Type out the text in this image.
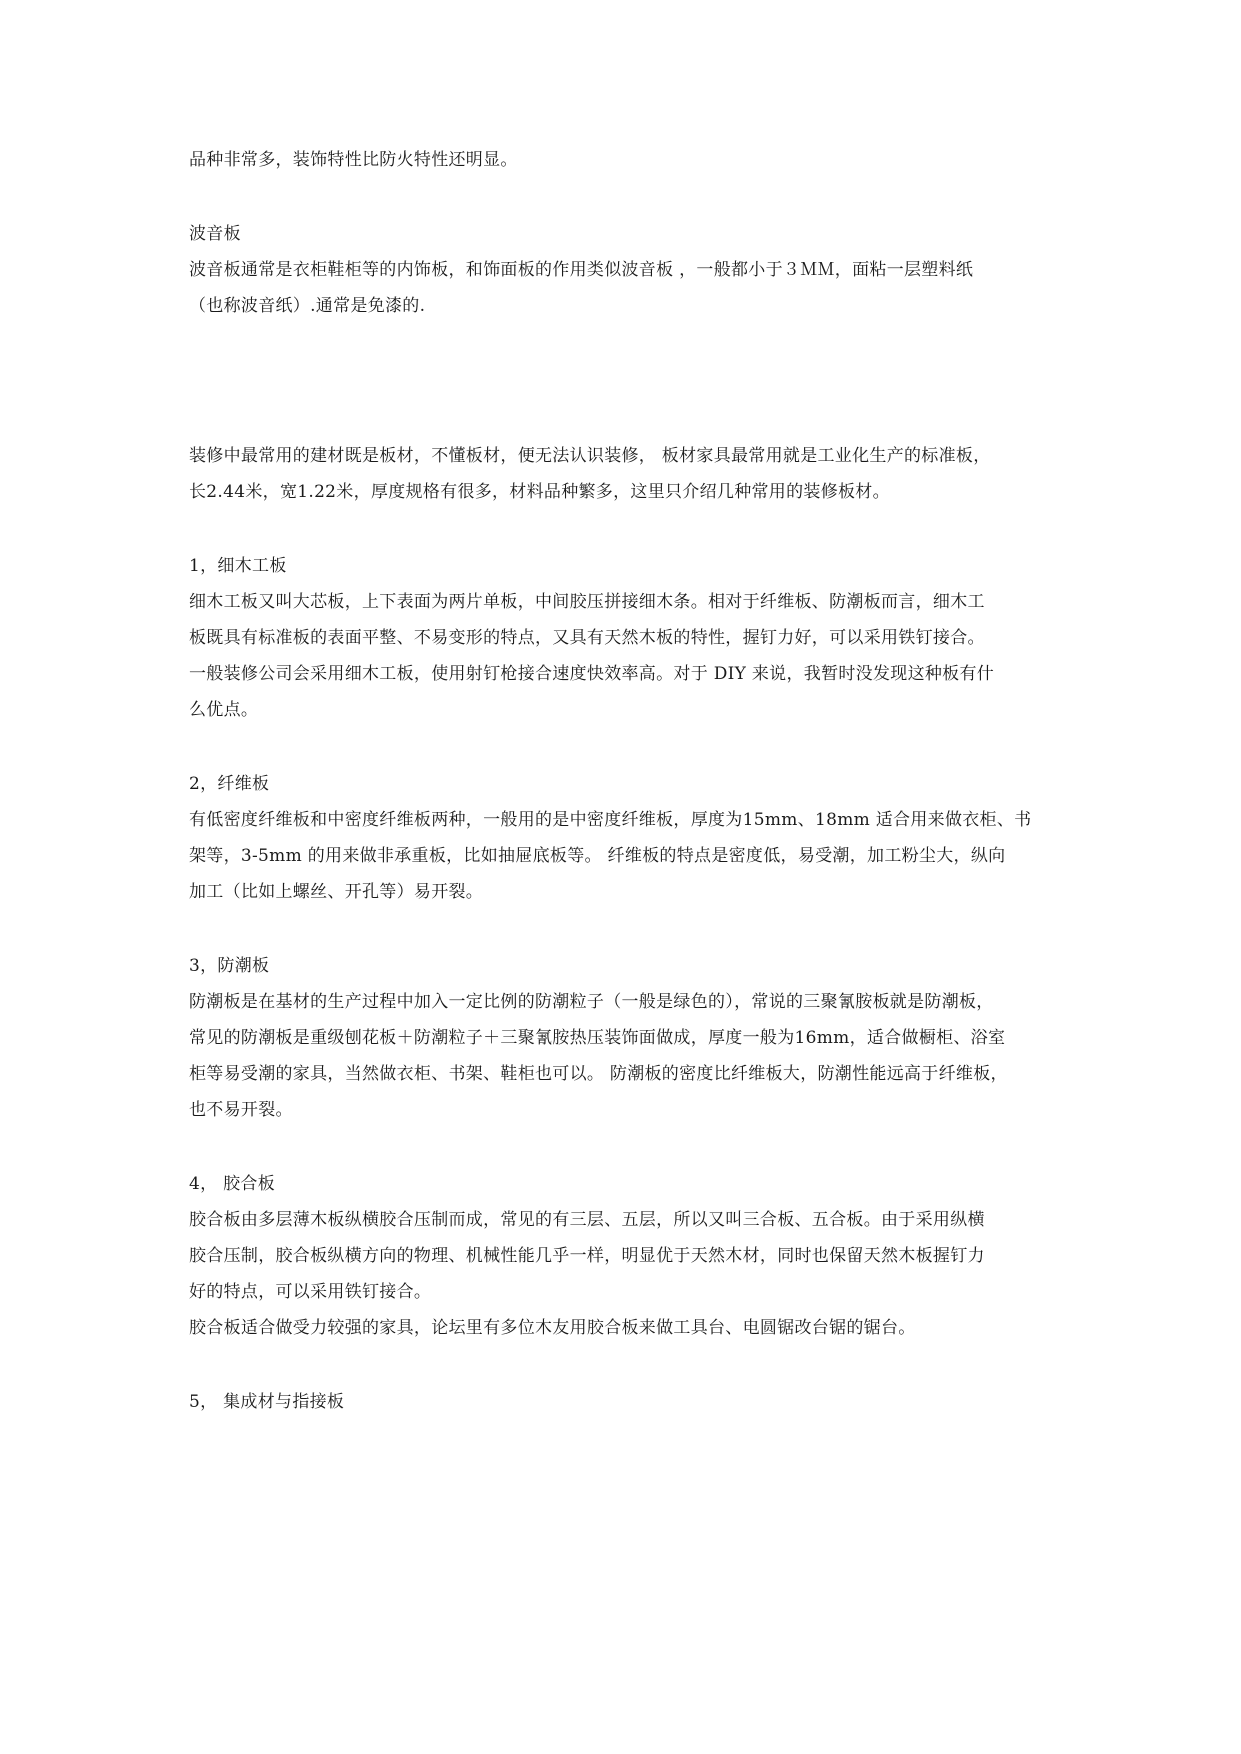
品种非常多，装饰特性比防火特性还明显。
波音板
波音板通常是衣柜鞋柜等的内饰板，和饰面板的作用类似波音板 ，一般都小于３ＭＭ，面粘一层塑料纸
（也称波音纸）.通常是免漆的.
装修中最常用的建材既是板材，不懂板材，便无法认识装修， 板材家具最常用就是工业化生产的标准板，
长2.44米，宽1.22米，厚度规格有很多，材料品种繁多，这里只介绍几种常用的装修板材。
1，细木工板
细木工板又叫大芯板，上下表面为两片单板，中间胶压拼接细木条。相对于纤维板、防潮板而言，细木工
板既具有标准板的表面平整、不易变形的特点，又具有天然木板的特性，握钉力好，可以采用铁钉接合。
一般装修公司会采用细木工板，使用射钉枪接合速度快效率高。对于 DIY 来说，我暂时没发现这种板有什
么优点。
2，纤维板
有低密度纤维板和中密度纤维板两种，一般用的是中密度纤维板，厚度为15mm、18mm 适合用来做衣柜、书
架等，3-5mm 的用来做非承重板，比如抽屉底板等。 纤维板的特点是密度低，易受潮，加工粉尘大，纵向
加工（比如上螺丝、开孔等）易开裂。
3，防潮板
防潮板是在基材的生产过程中加入一定比例的防潮粒子（一般是绿色的），常说的三聚氰胺板就是防潮板，
常见的防潮板是重级刨花板＋防潮粒子＋三聚氰胺热压装饰面做成，厚度一般为16mm，适合做橱柜、浴室
柜等易受潮的家具，当然做衣柜、书架、鞋柜也可以。 防潮板的密度比纤维板大，防潮性能远高于纤维板，
也不易开裂。
4， 胶合板
胶合板由多层薄木板纵横胶合压制而成，常见的有三层、五层，所以又叫三合板、五合板。由于采用纵横
胶合压制，胶合板纵横方向的物理、机械性能几乎一样，明显优于天然木材，同时也保留天然木板握钉力
好的特点，可以采用铁钉接合。
胶合板适合做受力较强的家具，论坛里有多位木友用胶合板来做工具台、电圆锯改台锯的锯台。
5， 集成材与指接板
